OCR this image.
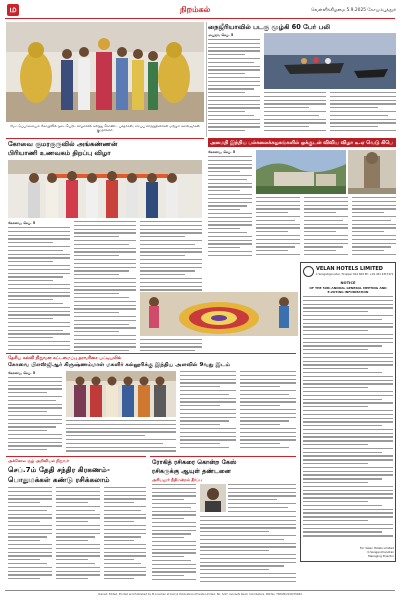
ம	நிறம்கல்	வெள்ளிக்கிழமை 5.9.2025 கோயம்புத்தூர்
மேட்டுப்பாளையம் கோயிலில் நடைபெற்ற விழாவில் கலந்து கொண்ட பக்தர்கள், சிறப்பு விருந்தினர்கள் மற்றும் கலைஞர்கள் குழுவினர்.
நைஜீரியாவில் படகு மூழ்கி 60 பேர் பலி
அபுஜா, செப். 5
கோவை குமரகுருவில் அங்கண்ணன்
பிரியாணி உணவகம் திறப்பு விழா
கோவை, செப். 5
அமைதி இந்திய பல்கலைக்கழகங்களில் ஒக்குடன் விவிய விழா டீ.ஏ வெடு கிபெ
கோவை, செப். 5
VELAN HOTELS LIMITED
1 Sengodigoundar, Tiruppur 641 604 Ph: +91 421 4317471
NOTICE
OF THE 59th ANNUAL GENERAL MEETING AND
E-VOTING INFORMATION
For Velan Hotels Limited
K.Sangenchandran
Managing Director
தேசிய கல்வி நிறுவன கட்டமைப்பு தரவரிசை பட்டியலில்
கோவை பிஎஸ்ஜிஆர் கிருஷ்ணம்மாள் மகளிர் கல்லூரிக்கு இந்திய அளவில் 9வது இடம்
கோவை, செப். 5
அக்கோல சூழ் அறிவியல் நிறுவர்
செப்.7ம் தேதி சந்திர கிரகணம்-
பொதுமக்கள் கண்டு ரசிக்கலாம்
ரோகித் ரசிகரை கொன்ற கேஸ்
ரசிகருக்கு ஆயுள் தண்டனை
அரியலூர் நீதிமன்றம் தீர்ப்பு
Owned, Edited, Printed and Published by M.A.Gohan at Kurinji Publications Private Limited, No. 5/47, Avinashi Road, Coimbatore. RNI No. TNTAM/2018/76484
